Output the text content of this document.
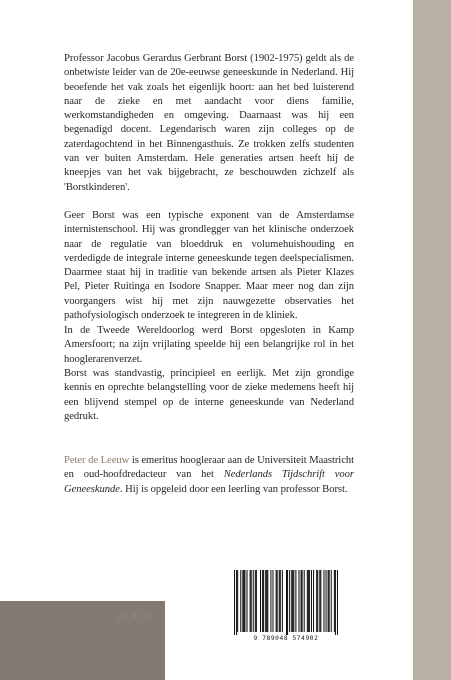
Professor Jacobus Gerardus Gerbrant Borst (1902-1975) geldt als de onbetwiste leider van de 20e-eeuwse geneeskunde in Nederland. Hij beoefende het vak zoals het eigenlijk hoort: aan het bed luisterend naar de zieke en met aandacht voor diens familie, werkomstandigheden en omgeving. Daarnaast was hij een begenadigd docent. Legendarisch waren zijn colleges op de zaterdagochtend in het Binnengasthuis. Ze trokken zelfs studenten van ver buiten Amsterdam. Hele generaties artsen heeft hij de kneepjes van het vak bijgebracht, ze beschouwden zichzelf als 'Borstkinderen'.

Geer Borst was een typische exponent van de Amsterdamse internistenschool. Hij was grondlegger van het klinische onderzoek naar de regulatie van bloeddruk en volumehuishouding en verdedigde de integrale interne geneeskunde tegen deelspecialismen. Daarmee staat hij in traditie van bekende artsen als Pieter Klazes Pel, Pieter Ruitinga en Isodore Snapper. Maar meer nog dan zijn voorgangers wist hij met zijn nauwgezette observaties het pathofysiologisch onderzoek te integreren in de kliniek.

In de Tweede Wereldoorlog werd Borst opgesloten in Kamp Amersfoort; na zijn vrijlating speelde hij een belangrijke rol in het hooglerarenverzet.

Borst was standvastig, principieel en eerlijk. Met zijn grondige kennis en oprechte belangstelling voor de zieke medemens heeft hij een blijvend stempel op de interne geneeskunde van Nederland gedrukt.

Peter de Leeuw is emeritus hoogleraar aan de Universiteit Maastricht en oud-hoofdredacteur van het Nederlands Tijdschrift voor Geneeskunde. Hij is opgeleid door een leerling van professor Borst.

AUP.nl
9 789048 574902
